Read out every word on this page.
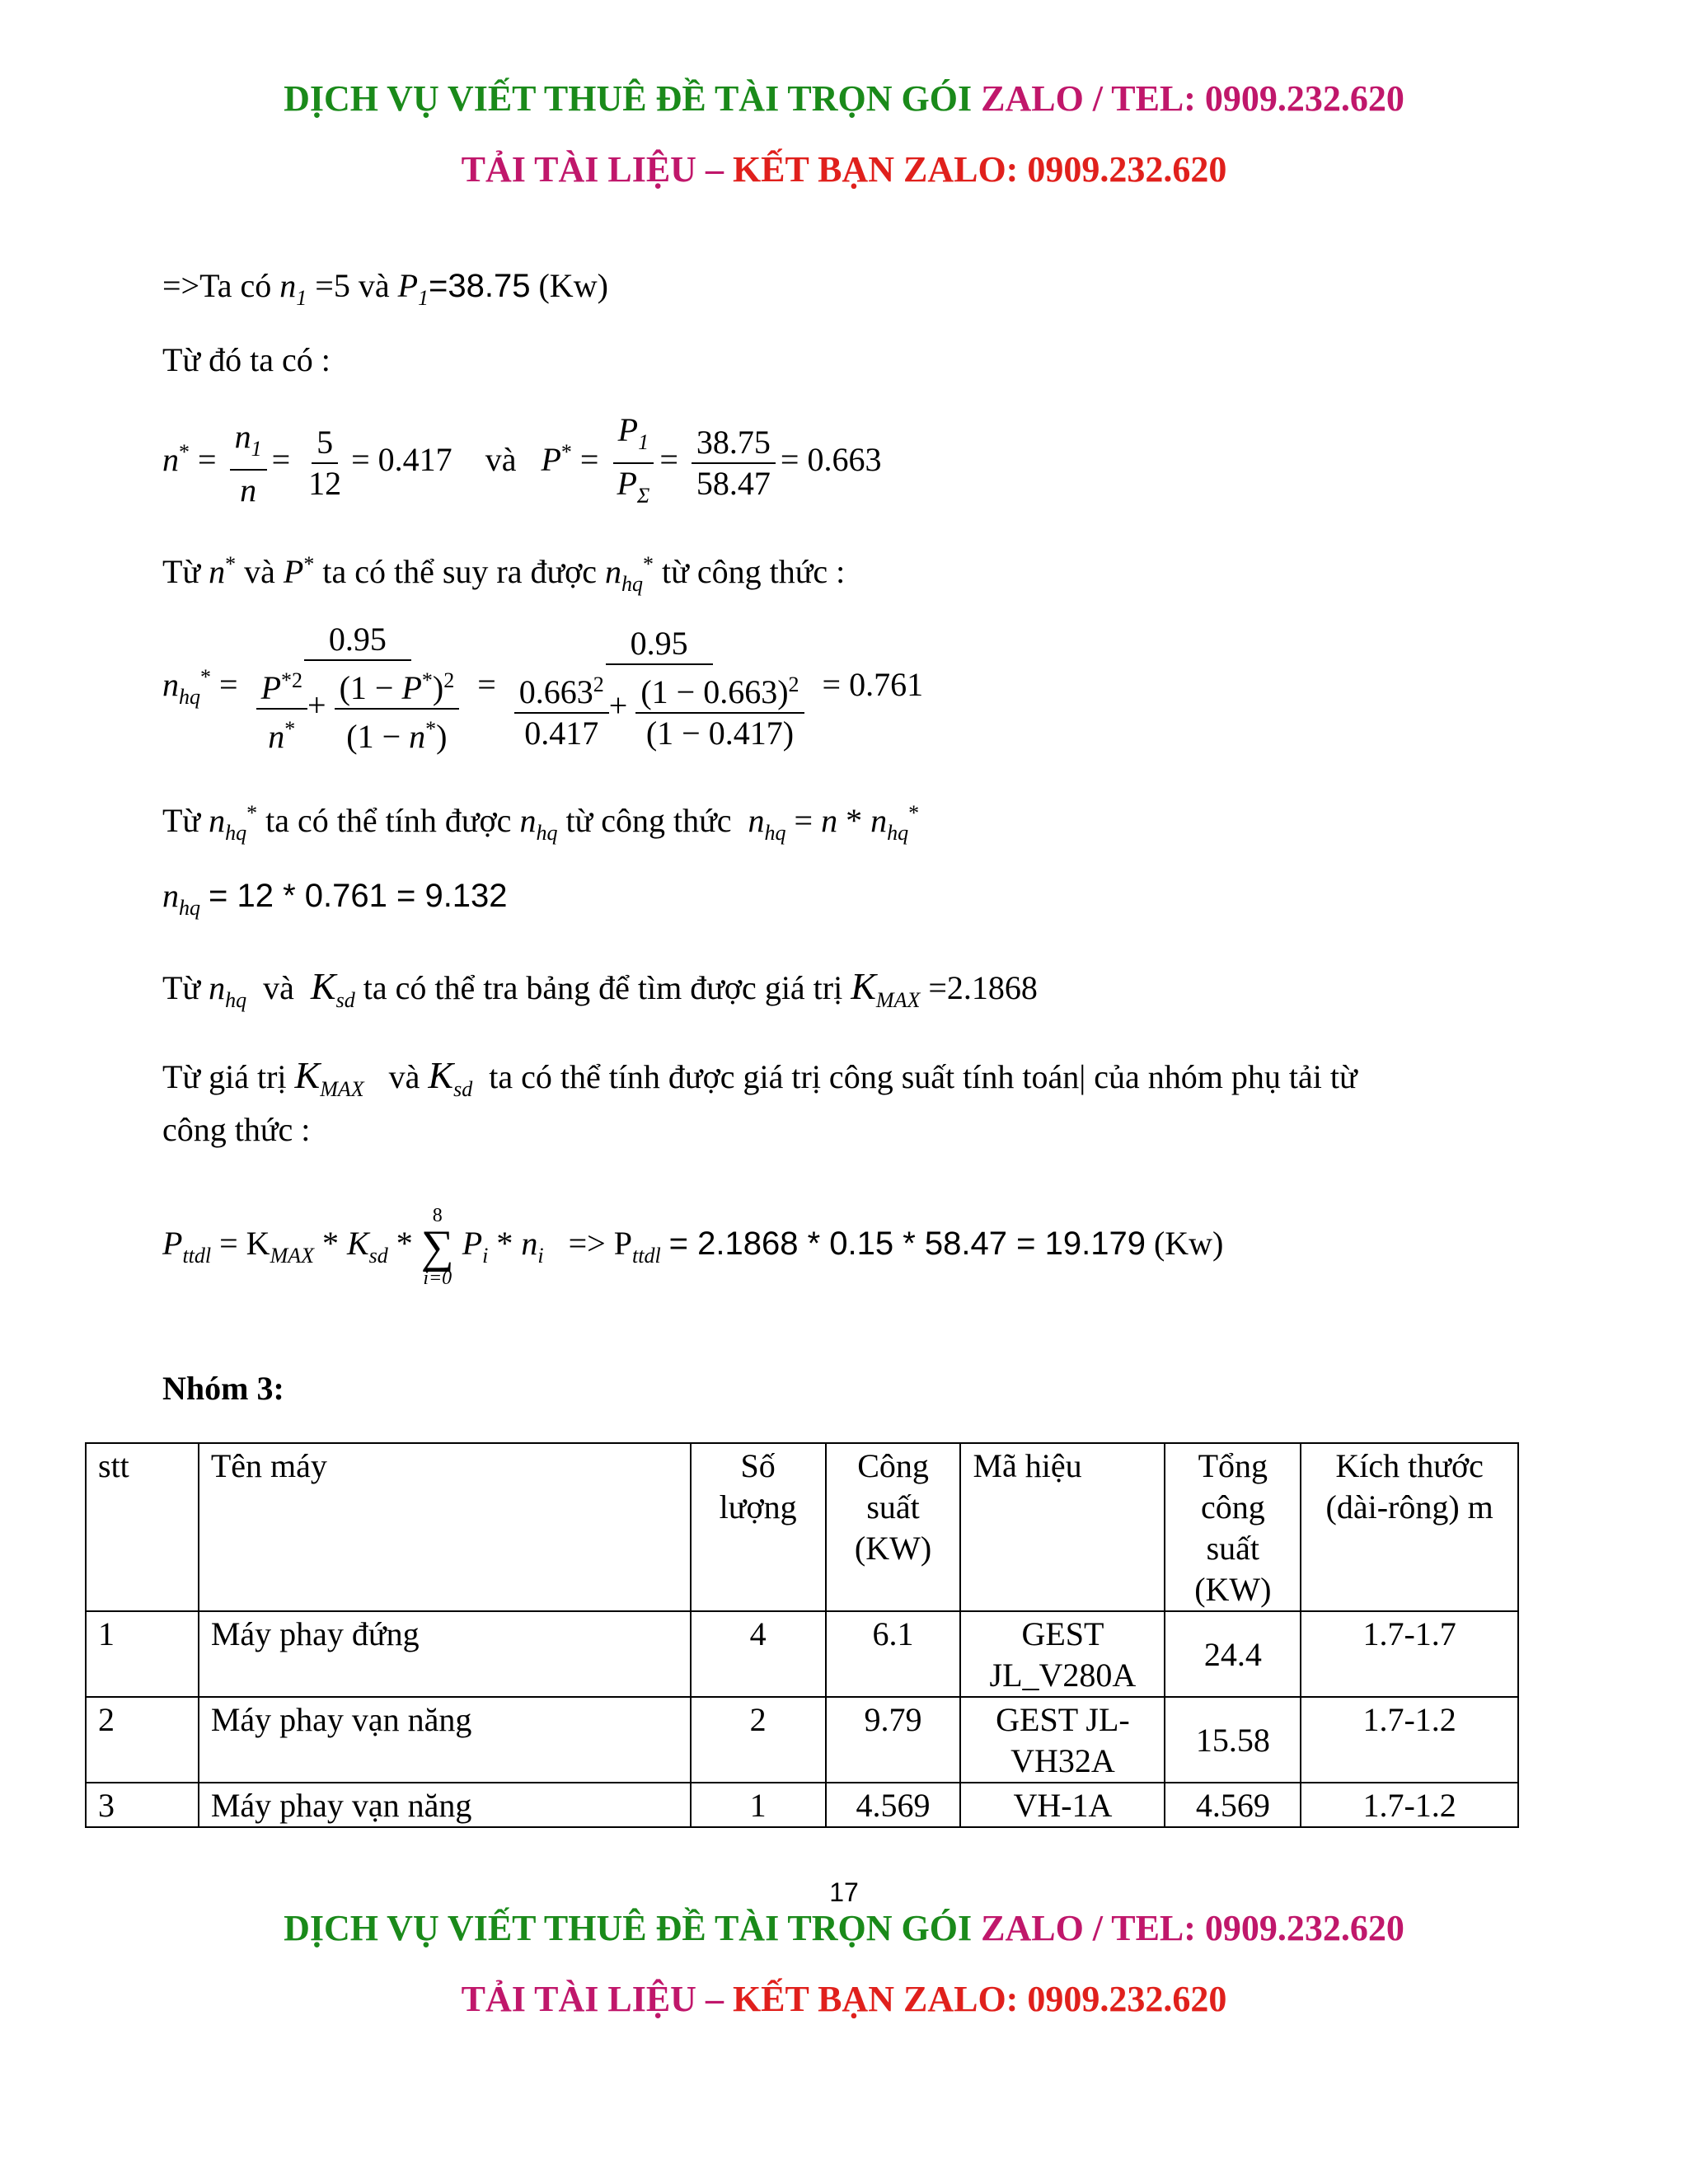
DỊCH VỤ VIẾT THUÊ ĐỀ TÀI TRỌN GÓI ZALO / TEL: 0909.232.620
TẢI TÀI LIỆU – KẾT BẠN ZALO: 0909.232.620
=>Ta có $n_1 =5$ và $P_1=38.75$ (Kw)
Từ đó ta có :
$n^* = \frac{n_1}{n} = \frac{5}{12} = 0.417$ và $P^* = \frac{P_1}{P_\Sigma} = \frac{38.75}{58.47} = 0.663$
Từ n* và P* ta có thể suy ra được $n_{hq}^*$ từ công thức :
$n_{hq}^* = \frac{0.95}{\frac{P^{*2}}{n^*} + \frac{(1 - P^*)^2}{(1 - n^*)}} = \frac{0.95}{\frac{0.663^2}{0.417} + \frac{(1 - 0.663)^2}{(1 - 0.417)}} = 0.761$
Từ $n_{hq}^*$ ta có thể tính được $n_{hq}$ từ công thức $n_{hq} = n * n_{hq}^*$
$n_{hq} = 12 * 0.761 = 9.132$
Từ $n_{hq}$ và $K_{sd}$ ta có thể tra bảng để tìm được giá trị $K_{MAX} =2.1868$
Từ giá trị $K_{MAX}$ và $K_{sd}$ ta có thể tính được giá trị công suất tính toán| của nhóm phụ tải từ
công thức :
$P_{ttdl} = K_{MAX} * K_{sd}$ *
8
∑
i=0
$P_i * n_i => P_{ttdl} = 2.1868 * 0.15 * 58.47 = 19.179$ (Kw)
Nhóm 3:
stt	Tên máy	Số lượng	Công suất (KW)	Mã hiệu	Tổng công suất (KW)	Kích thước (dài-rông) m
1	Máy phay đứng	4	6.1	GEST JL_V280A	24.4	1.7-1.7
2	Máy phay vạn năng	2	9.79	GEST JL-VH32A	15.58	1.7-1.2
3	Máy phay vạn năng	1	4.569	VH-1A	4.569	1.7-1.2
17
DỊCH VỤ VIẾT THUÊ ĐỀ TÀI TRỌN GÓI ZALO / TEL: 0909.232.620
TẢI TÀI LIỆU – KẾT BẠN ZALO: 0909.232.620
